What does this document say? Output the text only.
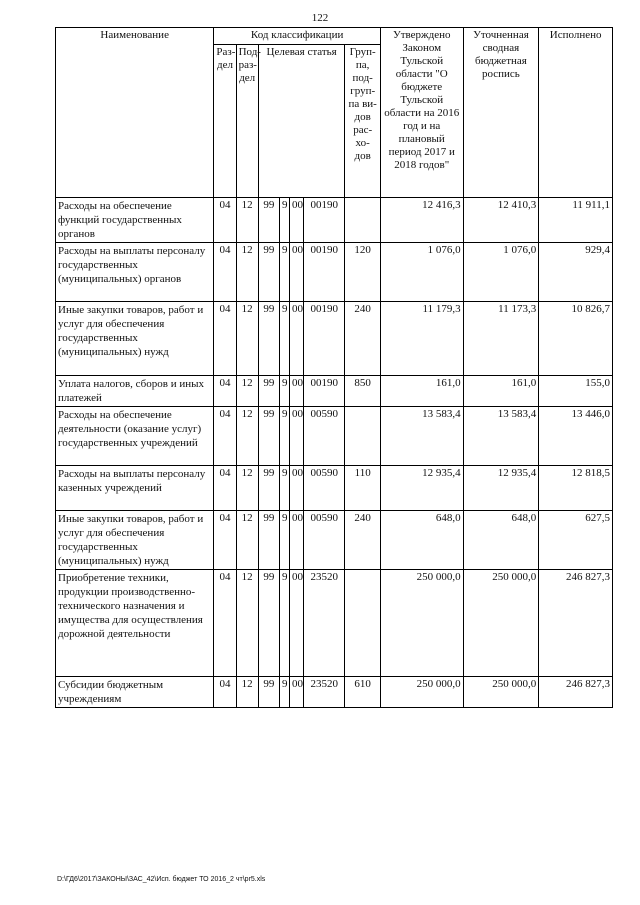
122
Наименование	Код классификации							Утверждено Законом Тульской области "О бюджете Тульской области на 2016 год и на плановый период 2017 и 2018 годов"	Уточненная сводная бюджетная роспись	Исполнено
	Раз-дел	Под-раз-дел	Целевая статья				Груп-па, под-груп-па ви-дов рас-хо-дов			
Расходы на обеспечение функций государственных органов	04	12	99	9	00	00190		12 416,3	12 410,3	11 911,1
Расходы на выплаты персоналу государственных (муниципальных) органов	04	12	99	9	00	00190	120	1 076,0	1 076,0	929,4
Иные закупки товаров, работ и услуг для обеспечения государственных (муниципальных) нужд	04	12	99	9	00	00190	240	11 179,3	11 173,3	10 826,7
Уплата налогов, сборов и иных платежей	04	12	99	9	00	00190	850	161,0	161,0	155,0
Расходы на обеспечение деятельности (оказание услуг) государственных учреждений	04	12	99	9	00	00590		13 583,4	13 583,4	13 446,0
Расходы на выплаты персоналу казенных учреждений	04	12	99	9	00	00590	110	12 935,4	12 935,4	12 818,5
Иные закупки товаров, работ и услуг для обеспечения государственных (муниципальных) нужд	04	12	99	9	00	00590	240	648,0	648,0	627,5
Приобретение техники, продукции производственно-технического назначения и имущества для осуществления дорожной деятельности	04	12	99	9	00	23520		250 000,0	250 000,0	246 827,3
Субсидии бюджетным учреждениям	04	12	99	9	00	23520	610	250 000,0	250 000,0	246 827,3
D:\ГД6\2017\ЗАКОНЫ\ЗАС_42\Исп. бюджет ТО 2016_2 чт\pr5.xls
